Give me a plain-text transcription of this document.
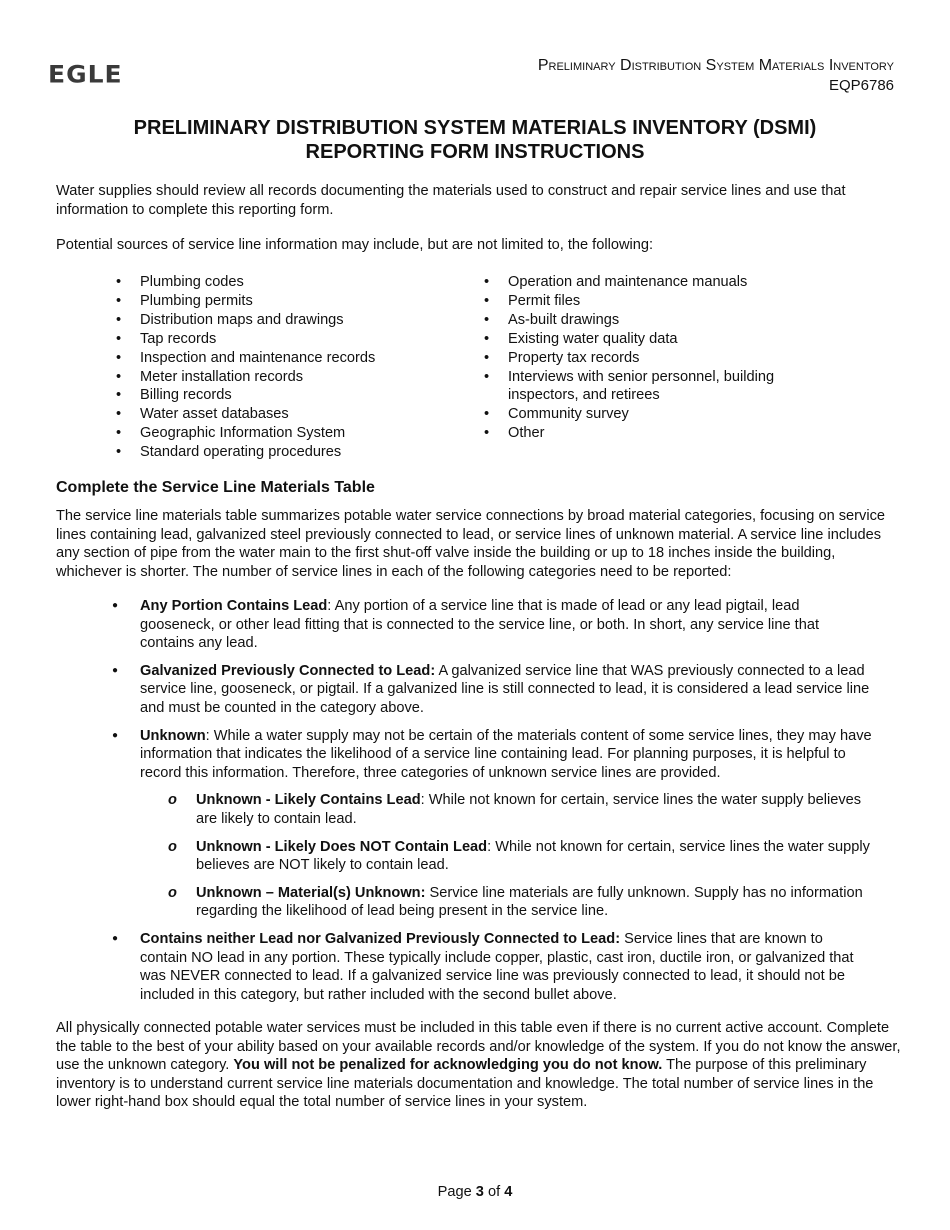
EGLE	Preliminary Distribution System Materials Inventory
EQP6786
PRELIMINARY DISTRIBUTION SYSTEM MATERIALS INVENTORY (DSMI)
REPORTING FORM INSTRUCTIONS
Water supplies should review all records documenting the materials used to construct and repair service lines and use that information to complete this reporting form.
Potential sources of service line information may include, but are not limited to, the following:
• Plumbing codes
• Plumbing permits
• Distribution maps and drawings
• Tap records
• Inspection and maintenance records
• Meter installation records
• Billing records
• Water asset databases
• Geographic Information System
• Standard operating procedures
• Operation and maintenance manuals
• Permit files
• As-built drawings
• Existing water quality data
• Property tax records
• Interviews with senior personnel, building inspectors, and retirees
• Community survey
• Other
Complete the Service Line Materials Table
The service line materials table summarizes potable water service connections by broad material categories, focusing on service lines containing lead, galvanized steel previously connected to lead, or service lines of unknown material. A service line includes any section of pipe from the water main to the first shut-off valve inside the building or up to 18 inches inside the building, whichever is shorter. The number of service lines in each of the following categories need to be reported:
● Any Portion Contains Lead: Any portion of a service line that is made of lead or any lead pigtail, lead gooseneck, or other lead fitting that is connected to the service line, or both. In short, any service line that contains any lead.
● Galvanized Previously Connected to Lead: A galvanized service line that WAS previously connected to a lead service line, gooseneck, or pigtail. If a galvanized line is still connected to lead, it is considered a lead service line and must be counted in the category above.
● Unknown: While a water supply may not be certain of the materials content of some service lines, they may have information that indicates the likelihood of a service line containing lead. For planning purposes, it is helpful to record this information. Therefore, three categories of unknown service lines are provided.
o Unknown - Likely Contains Lead: While not known for certain, service lines the water supply believes are likely to contain lead.
o Unknown - Likely Does NOT Contain Lead: While not known for certain, service lines the water supply believes are NOT likely to contain lead.
o Unknown – Material(s) Unknown: Service line materials are fully unknown. Supply has no information regarding the likelihood of lead being present in the service line.
● Contains neither Lead nor Galvanized Previously Connected to Lead: Service lines that are known to contain NO lead in any portion. These typically include copper, plastic, cast iron, ductile iron, or galvanized that was NEVER connected to lead. If a galvanized service line was previously connected to lead, it should not be included in this category, but rather included with the second bullet above.
All physically connected potable water services must be included in this table even if there is no current active account. Complete the table to the best of your ability based on your available records and/or knowledge of the system. If you do not know the answer, use the unknown category. You will not be penalized for acknowledging you do not know. The purpose of this preliminary inventory is to understand current service line materials documentation and knowledge. The total number of service lines in the lower right-hand box should equal the total number of service lines in your system.
Page 3 of 4
